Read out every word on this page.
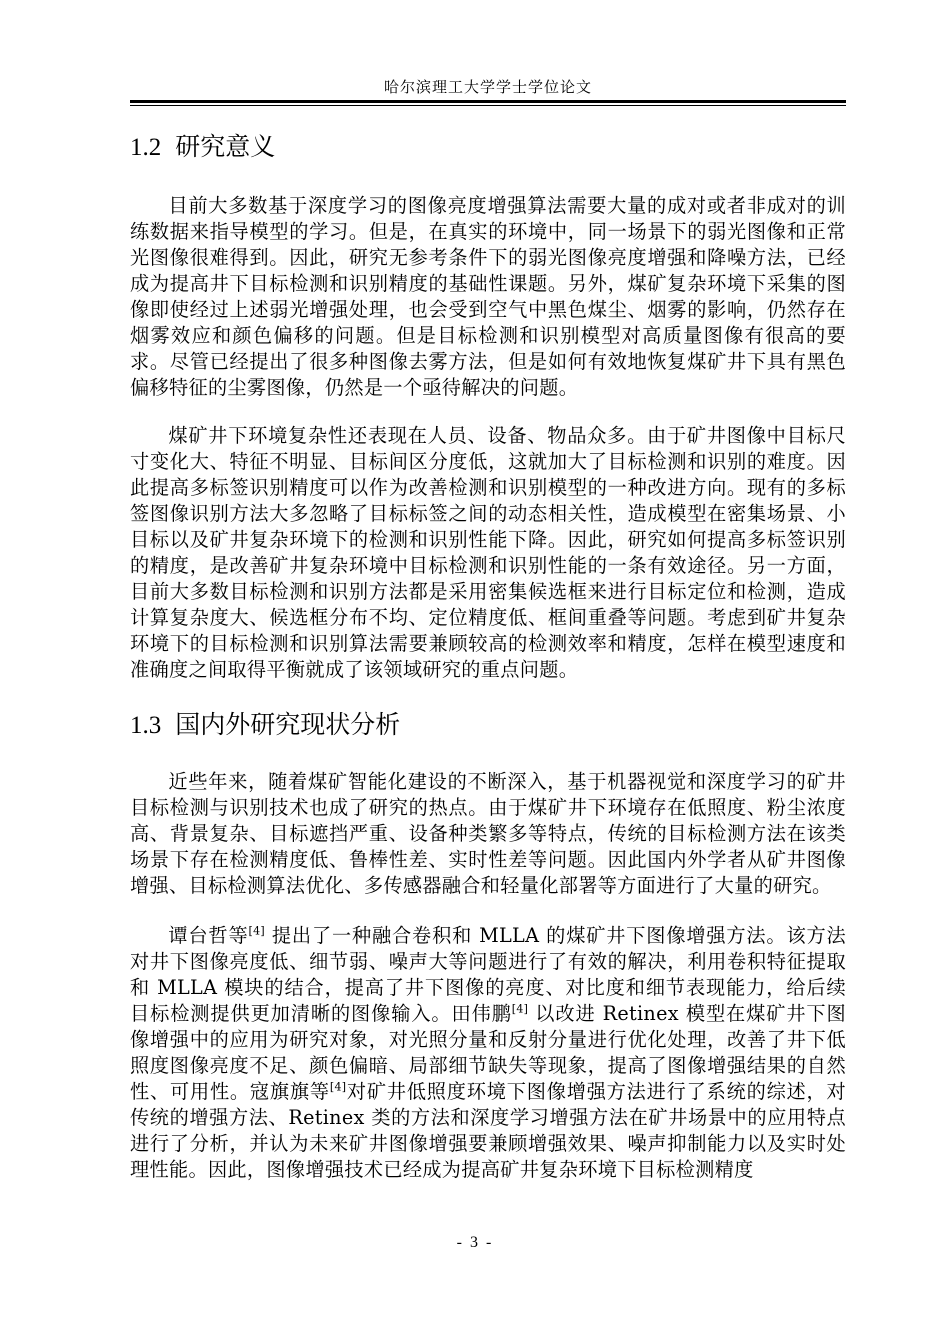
哈尔滨理工大学学士学位论文
1.2 研究意义

目前大多数基于深度学习的图像亮度增强算法需要大量的成对或者非成对的训练数据来指导模型的学习。但是，在真实的环境中，同一场景下的弱光图像和正常光图像很难得到。因此，研究无参考条件下的弱光图像亮度增强和降噪方法，已经成为提高井下目标检测和识别精度的基础性课题。另外，煤矿复杂环境下采集的图像即使经过上述弱光增强处理，也会受到空气中黑色煤尘、烟雾的影响，仍然存在烟雾效应和颜色偏移的问题。但是目标检测和识别模型对高质量图像有很高的要求。尽管已经提出了很多种图像去雾方法，但是如何有效地恢复煤矿井下具有黑色偏移特征的尘雾图像，仍然是一个亟待解决的问题。

煤矿井下环境复杂性还表现在人员、设备、物品众多。由于矿井图像中目标尺寸变化大、特征不明显、目标间区分度低，这就加大了目标检测和识别的难度。因此提高多标签识别精度可以作为改善检测和识别模型的一种改进方向。现有的多标签图像识别方法大多忽略了目标标签之间的动态相关性，造成模型在密集场景、小目标以及矿井复杂环境下的检测和识别性能下降。因此，研究如何提高多标签识别的精度，是改善矿井复杂环境中目标检测和识别性能的一条有效途径。另一方面，目前大多数目标检测和识别方法都是采用密集候选框来进行目标定位和检测，造成计算复杂度大、候选框分布不均、定位精度低、框间重叠等问题。考虑到矿井复杂环境下的目标检测和识别算法需要兼顾较高的检测效率和精度，怎样在模型速度和准确度之间取得平衡就成了该领域研究的重点问题。

1.3 国内外研究现状分析

近些年来，随着煤矿智能化建设的不断深入，基于机器视觉和深度学习的矿井目标检测与识别技术也成了研究的热点。由于煤矿井下环境存在低照度、粉尘浓度高、背景复杂、目标遮挡严重、设备种类繁多等特点，传统的目标检测方法在该类场景下存在检测精度低、鲁棒性差、实时性差等问题。因此国内外学者从矿井图像增强、目标检测算法优化、多传感器融合和轻量化部署等方面进行了大量的研究。

谭台哲等[4] 提出了一种融合卷积和 MLLA 的煤矿井下图像增强方法。该方法对井下图像亮度低、细节弱、噪声大等问题进行了有效的解决，利用卷积特征提取和 MLLA 模块的结合，提高了井下图像的亮度、对比度和细节表现能力，给后续目标检测提供更加清晰的图像输入。田伟鹏[4] 以改进 Retinex 模型在煤矿井下图像增强中的应用为研究对象，对光照分量和反射分量进行优化处理，改善了井下低照度图像亮度不足、颜色偏暗、局部细节缺失等现象，提高了图像增强结果的自然性、可用性。寇旗旗等[4]对矿井低照度环境下图像增强方法进行了系统的综述，对传统的增强方法、Retinex 类的方法和深度学习增强方法在矿井场景中的应用特点进行了分析，并认为未来矿井图像增强要兼顾增强效果、噪声抑制能力以及实时处理性能。因此，图像增强技术已经成为提高矿井复杂环境下目标检测精度

- 3 -
